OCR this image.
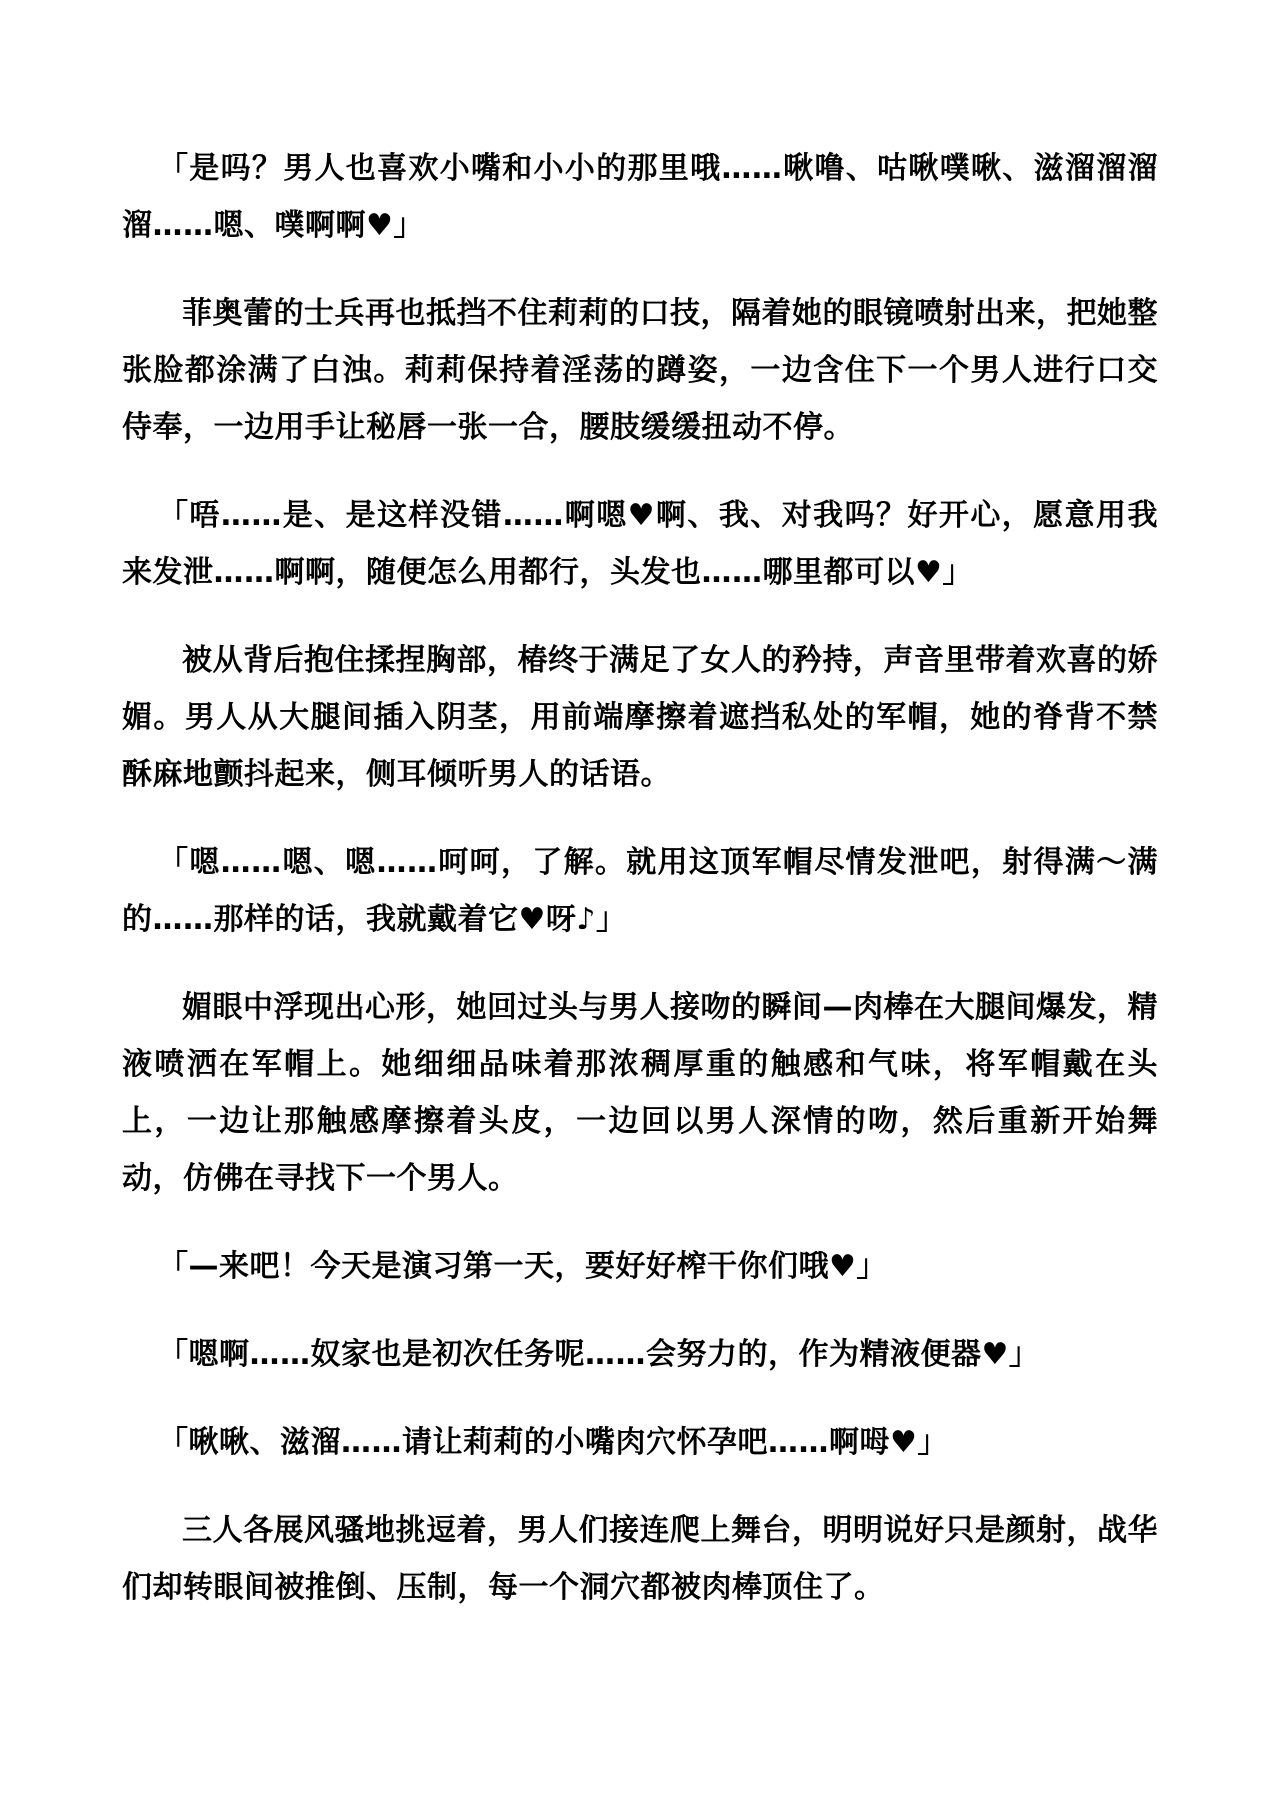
「是吗？男人也喜欢小嘴和小小的那里哦……啾噜、咕啾噗啾、滋溜溜溜溜……嗯、噗啊啊♥」

菲奥蕾的士兵再也抵挡不住莉莉的口技，隔着她的眼镜喷射出来，把她整张脸都涂满了白浊。莉莉保持着淫荡的蹲姿，一边含住下一个男人进行口交侍奉，一边用手让秘唇一张一合，腰肢缓缓扭动不停。

「唔……是、是这样没错……啊嗯♥啊、我、对我吗？好开心，愿意用我来发泄……啊啊，随便怎么用都行，头发也……哪里都可以♥」

被从背后抱住揉捏胸部，椿终于满足了女人的矜持，声音里带着欢喜的娇媚。男人从大腿间插入阴茎，用前端摩擦着遮挡私处的军帽，她的脊背不禁酥麻地颤抖起来，侧耳倾听男人的话语。

「嗯……嗯、嗯……呵呵，了解。就用这顶军帽尽情发泄吧，射得满～满的……那样的话，我就戴着它♥呀♪」

媚眼中浮现出心形，她回过头与男人接吻的瞬间—肉棒在大腿间爆发，精液喷洒在军帽上。她细细品味着那浓稠厚重的触感和气味，将军帽戴在头上，一边让那触感摩擦着头皮，一边回以男人深情的吻，然后重新开始舞动，仿佛在寻找下一个男人。

「—来吧！今天是演习第一天，要好好榨干你们哦♥」

「嗯啊……奴家也是初次任务呢……会努力的，作为精液便器♥」

「啾啾、滋溜……请让莉莉的小嘴肉穴怀孕吧……啊呣♥」

三人各展风骚地挑逗着，男人们接连爬上舞台，明明说好只是颜射，战华们却转眼间被推倒、压制，每一个洞穴都被肉棒顶住了。
